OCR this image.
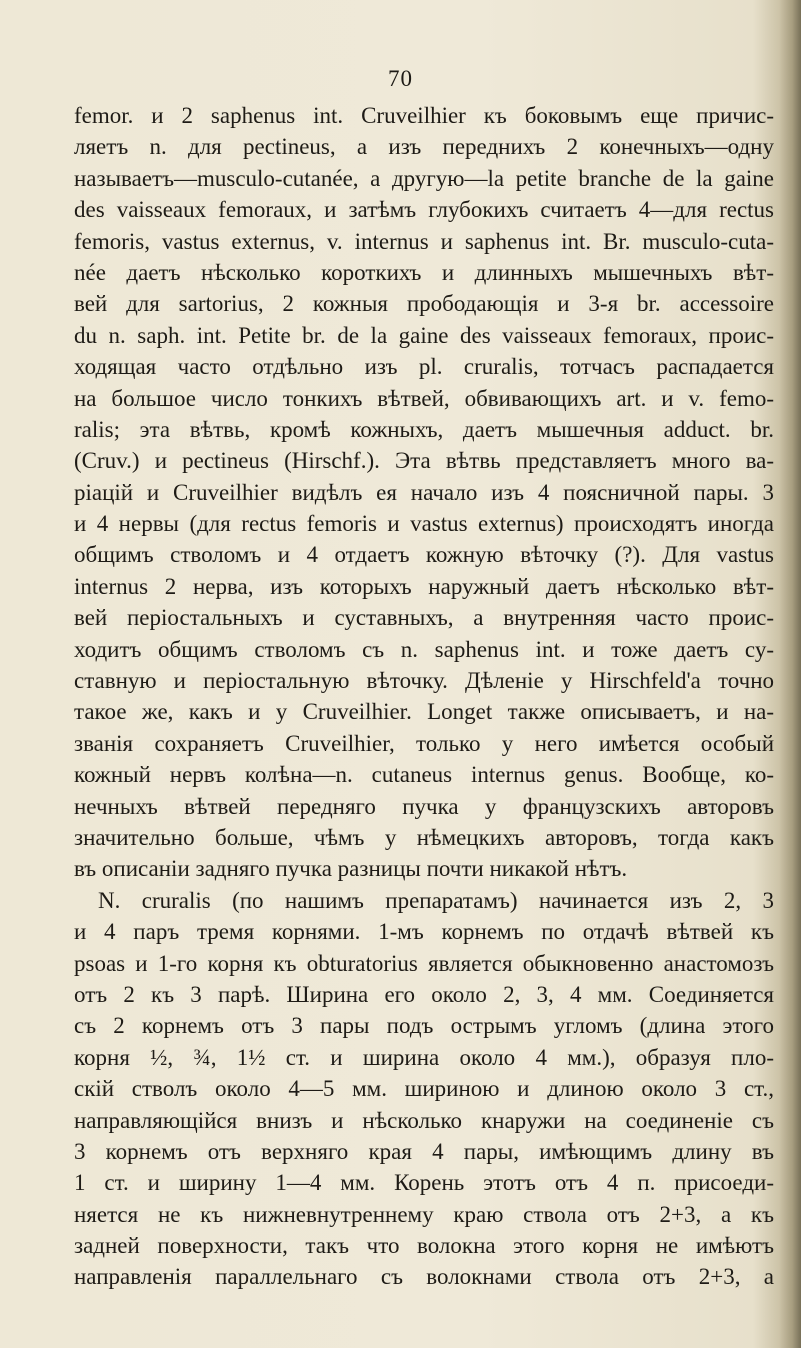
70
femor. и 2 saphenus int. Cruveilhier къ боковымъ еще причис-
ляетъ n. для pectineus, а изъ переднихъ 2 конечныхъ—одну
называетъ—musculo-cutanée, а другую—la petite branche de la gaine
des vaisseaux femoraux, и затѣмъ глубокихъ считаетъ 4—для rectus
femoris, vastus externus, v. internus и saphenus int. Br. musculo-cuta-
née даетъ нѣсколько короткихъ и длинныхъ мышечныхъ вѣт-
вей для sartorius, 2 кожныя прободающія и 3-я br. accessoire
du n. saph. int. Petite br. de la gaine des vaisseaux femoraux, проис-
ходящая часто отдѣльно изъ pl. cruralis, тотчасъ распадается
на большое число тонкихъ вѣтвей, обвивающихъ art. и v. femo-
ralis; эта вѣтвь, кромѣ кожныхъ, даетъ мышечныя adduct. br.
(Cruv.) и pectineus (Hirschf.). Эта вѣтвь представляетъ много ва-
ріацій и Cruveilhier видѣлъ ея начало изъ 4 поясничной пары. 3
и 4 нервы (для rectus femoris и vastus externus) происходятъ иногда
общимъ стволомъ и 4 отдаетъ кожную вѣточку (?). Для vastus
internus 2 нерва, изъ которыхъ наружный даетъ нѣсколько вѣт-
вей періостальныхъ и суставныхъ, а внутренняя часто проис-
ходитъ общимъ стволомъ съ n. saphenus int. и тоже даетъ су-
ставную и періостальную вѣточку. Дѣленіе у Hirschfeld'а точно
такое же, какъ и у Cruveilhier. Longet также описываетъ, и на-
званія сохраняетъ Cruveilhier, только у него имѣется особый
кожный нервъ колѣна—n. cutaneus internus genus. Вообще, ко-
нечныхъ вѣтвей передняго пучка у французскихъ авторовъ
значительно больше, чѣмъ у нѣмецкихъ авторовъ, тогда какъ
въ описаніи задняго пучка разницы почти никакой нѣтъ.
N. cruralis (по нашимъ препаратамъ) начинается изъ 2, 3
и 4 паръ тремя корнями. 1-мъ корнемъ по отдачѣ вѣтвей къ
psoas и 1-го корня къ obturatorius является обыкновенно анастомозъ
отъ 2 къ 3 парѣ. Ширина его около 2, 3, 4 мм. Соединяется
съ 2 корнемъ отъ 3 пары подъ острымъ угломъ (длина этого
корня ½, ¾, 1½ ст. и ширина около 4 мм.), образуя пло-
скій стволъ около 4—5 мм. шириною и длиною около 3 ст.,
направляющійся внизъ и нѣсколько кнаружи на соединеніе съ
3 корнемъ отъ верхняго края 4 пары, имѣющимъ длину въ
1 ст. и ширину 1—4 мм. Корень этотъ отъ 4 п. присоеди-
няется не къ нижневнутреннему краю ствола отъ 2+3, а къ
задней поверхности, такъ что волокна этого корня не имѣютъ
направленія параллельнаго съ волокнами ствола отъ 2+3, а
